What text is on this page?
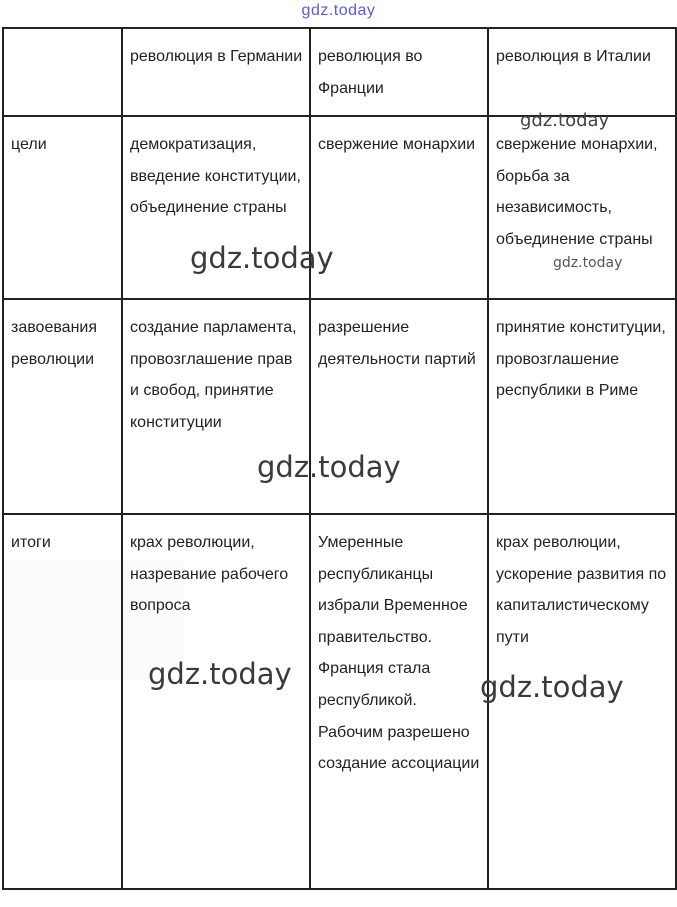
gdz.today
	революция в Германии	революция во Франции	революция в Италии
цели	демократизация, введение конституции, объединение страны	свержение монархии	свержение монархии, борьба за независимость, объединение страны
завоевания революции	создание парламента, провозглашение прав и свобод, принятие конституции	разрешение деятельности партий	принятие конституции, провозглашение республики в Риме
итоги	крах революции, назревание рабочего вопроса	Умеренные республиканцы избрали Временное правительство. Франция стала республикой. Рабочим разрешено создание ассоциации	крах революции, ускорение развития по капиталистическому пути
gdz.today
gdz.today	gdz.today
gdz.today
gdz.today	gdz.today
